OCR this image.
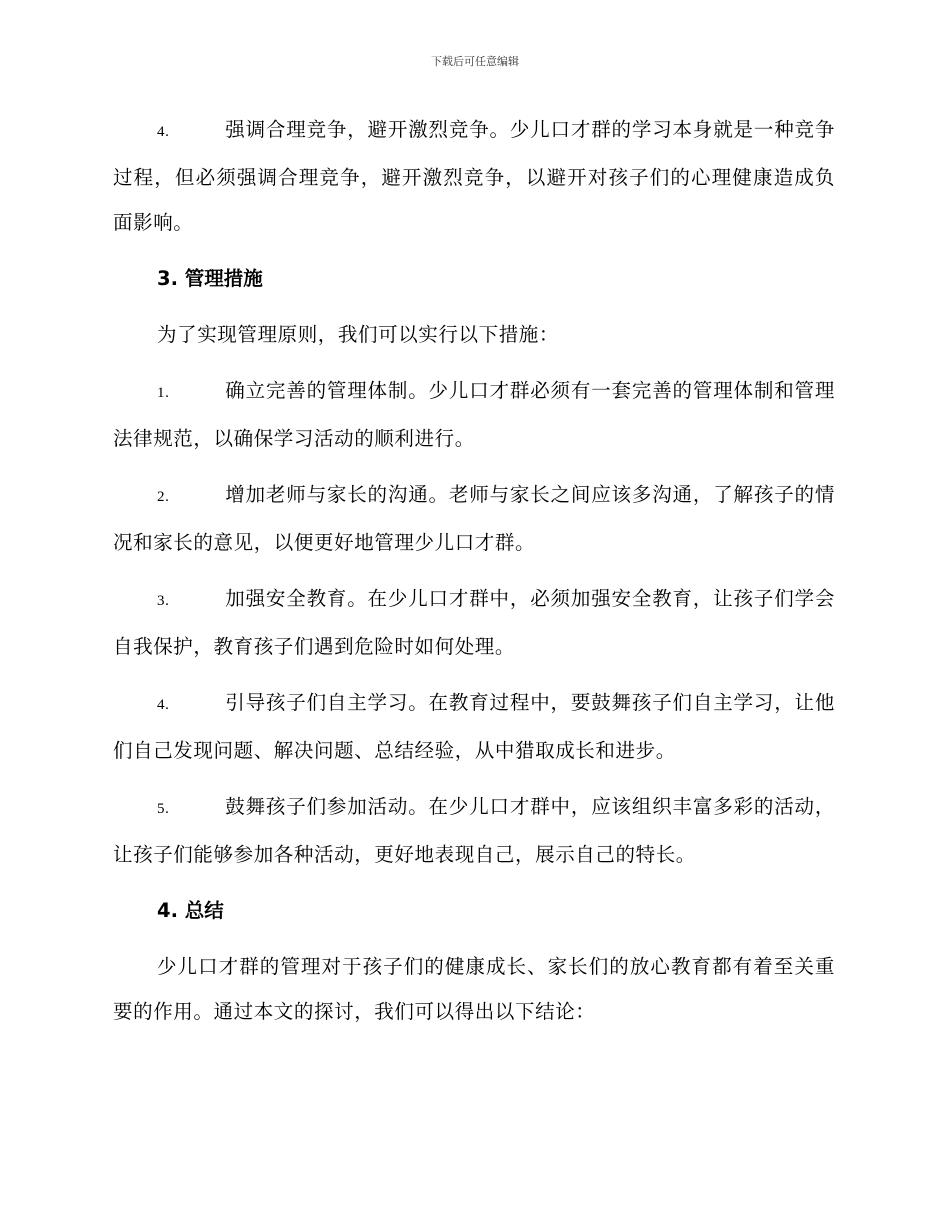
下载后可任意编辑

4.	强调合理竞争，避开激烈竞争。少儿口才群的学习本身就是一种竞争过程，但必须强调合理竞争，避开激烈竞争，以避开对孩子们的心理健康造成负面影响。

3. 管理措施

为了实现管理原则，我们可以实行以下措施：

1.	确立完善的管理体制。少儿口才群必须有一套完善的管理体制和管理法律规范，以确保学习活动的顺利进行。

2.	增加老师与家长的沟通。老师与家长之间应该多沟通，了解孩子的情况和家长的意见，以便更好地管理少儿口才群。

3.	加强安全教育。在少儿口才群中，必须加强安全教育，让孩子们学会自我保护，教育孩子们遇到危险时如何处理。

4.	引导孩子们自主学习。在教育过程中，要鼓舞孩子们自主学习，让他们自己发现问题、解决问题、总结经验，从中猎取成长和进步。

5.	鼓舞孩子们参加活动。在少儿口才群中，应该组织丰富多彩的活动，让孩子们能够参加各种活动，更好地表现自己，展示自己的特长。

4. 总结

少儿口才群的管理对于孩子们的健康成长、家长们的放心教育都有着至关重要的作用。通过本文的探讨，我们可以得出以下结论：
